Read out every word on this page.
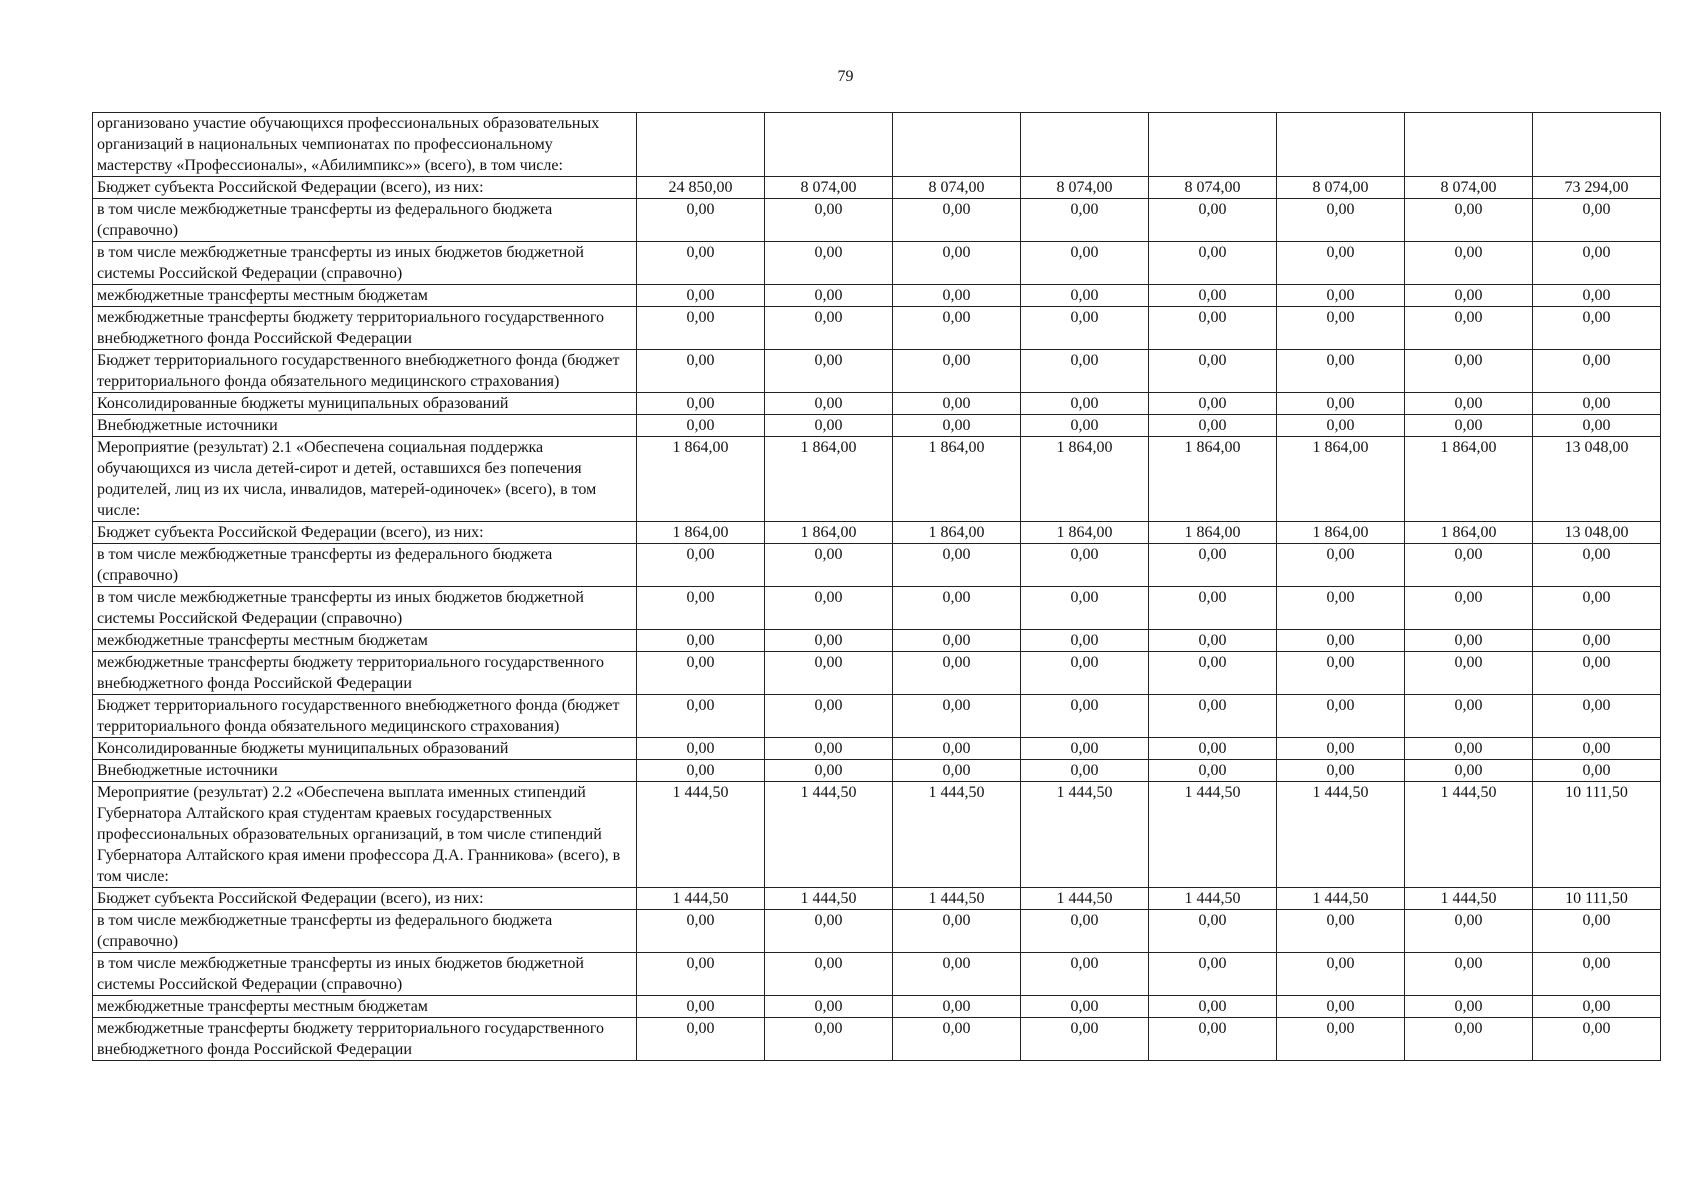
79
организовано участие обучающихся профессиональных образовательных организаций в национальных чемпионатах по профессиональному мастерству «Профессионалы», «Абилимпикс»» (всего), в том числе:								
Бюджет субъекта Российской Федерации (всего), из них:	24 850,00	8 074,00	8 074,00	8 074,00	8 074,00	8 074,00	8 074,00	73 294,00
в том числе межбюджетные трансферты из федерального бюджета (справочно)	0,00	0,00	0,00	0,00	0,00	0,00	0,00	0,00
в том числе межбюджетные трансферты из иных бюджетов бюджетной системы Российской Федерации (справочно)	0,00	0,00	0,00	0,00	0,00	0,00	0,00	0,00
межбюджетные трансферты местным бюджетам	0,00	0,00	0,00	0,00	0,00	0,00	0,00	0,00
межбюджетные трансферты бюджету территориального государственного внебюджетного фонда Российской Федерации	0,00	0,00	0,00	0,00	0,00	0,00	0,00	0,00
Бюджет территориального государственного внебюджетного фонда (бюджет территориального фонда обязательного медицинского страхования)	0,00	0,00	0,00	0,00	0,00	0,00	0,00	0,00
Консолидированные бюджеты муниципальных образований	0,00	0,00	0,00	0,00	0,00	0,00	0,00	0,00
Внебюджетные источники	0,00	0,00	0,00	0,00	0,00	0,00	0,00	0,00
Мероприятие (результат) 2.1 «Обеспечена социальная поддержка обучающихся из числа детей-сирот и детей, оставшихся без попечения родителей, лиц из их числа, инвалидов, матерей-одиночек» (всего), в том числе:	1 864,00	1 864,00	1 864,00	1 864,00	1 864,00	1 864,00	1 864,00	13 048,00
Бюджет субъекта Российской Федерации (всего), из них:	1 864,00	1 864,00	1 864,00	1 864,00	1 864,00	1 864,00	1 864,00	13 048,00
в том числе межбюджетные трансферты из федерального бюджета (справочно)	0,00	0,00	0,00	0,00	0,00	0,00	0,00	0,00
в том числе межбюджетные трансферты из иных бюджетов бюджетной системы Российской Федерации (справочно)	0,00	0,00	0,00	0,00	0,00	0,00	0,00	0,00
межбюджетные трансферты местным бюджетам	0,00	0,00	0,00	0,00	0,00	0,00	0,00	0,00
межбюджетные трансферты бюджету территориального государственного внебюджетного фонда Российской Федерации	0,00	0,00	0,00	0,00	0,00	0,00	0,00	0,00
Бюджет территориального государственного внебюджетного фонда (бюджет территориального фонда обязательного медицинского страхования)	0,00	0,00	0,00	0,00	0,00	0,00	0,00	0,00
Консолидированные бюджеты муниципальных образований	0,00	0,00	0,00	0,00	0,00	0,00	0,00	0,00
Внебюджетные источники	0,00	0,00	0,00	0,00	0,00	0,00	0,00	0,00
Мероприятие (результат) 2.2 «Обеспечена выплата именных стипендий Губернатора Алтайского края студентам краевых государственных профессиональных образовательных организаций, в том числе стипендий Губернатора Алтайского края имени профессора Д.А. Гранникова» (всего), в том числе:	1 444,50	1 444,50	1 444,50	1 444,50	1 444,50	1 444,50	1 444,50	10 111,50
Бюджет субъекта Российской Федерации (всего), из них:	1 444,50	1 444,50	1 444,50	1 444,50	1 444,50	1 444,50	1 444,50	10 111,50
в том числе межбюджетные трансферты из федерального бюджета (справочно)	0,00	0,00	0,00	0,00	0,00	0,00	0,00	0,00
в том числе межбюджетные трансферты из иных бюджетов бюджетной системы Российской Федерации (справочно)	0,00	0,00	0,00	0,00	0,00	0,00	0,00	0,00
межбюджетные трансферты местным бюджетам	0,00	0,00	0,00	0,00	0,00	0,00	0,00	0,00
межбюджетные трансферты бюджету территориального государственного внебюджетного фонда Российской Федерации	0,00	0,00	0,00	0,00	0,00	0,00	0,00	0,00
